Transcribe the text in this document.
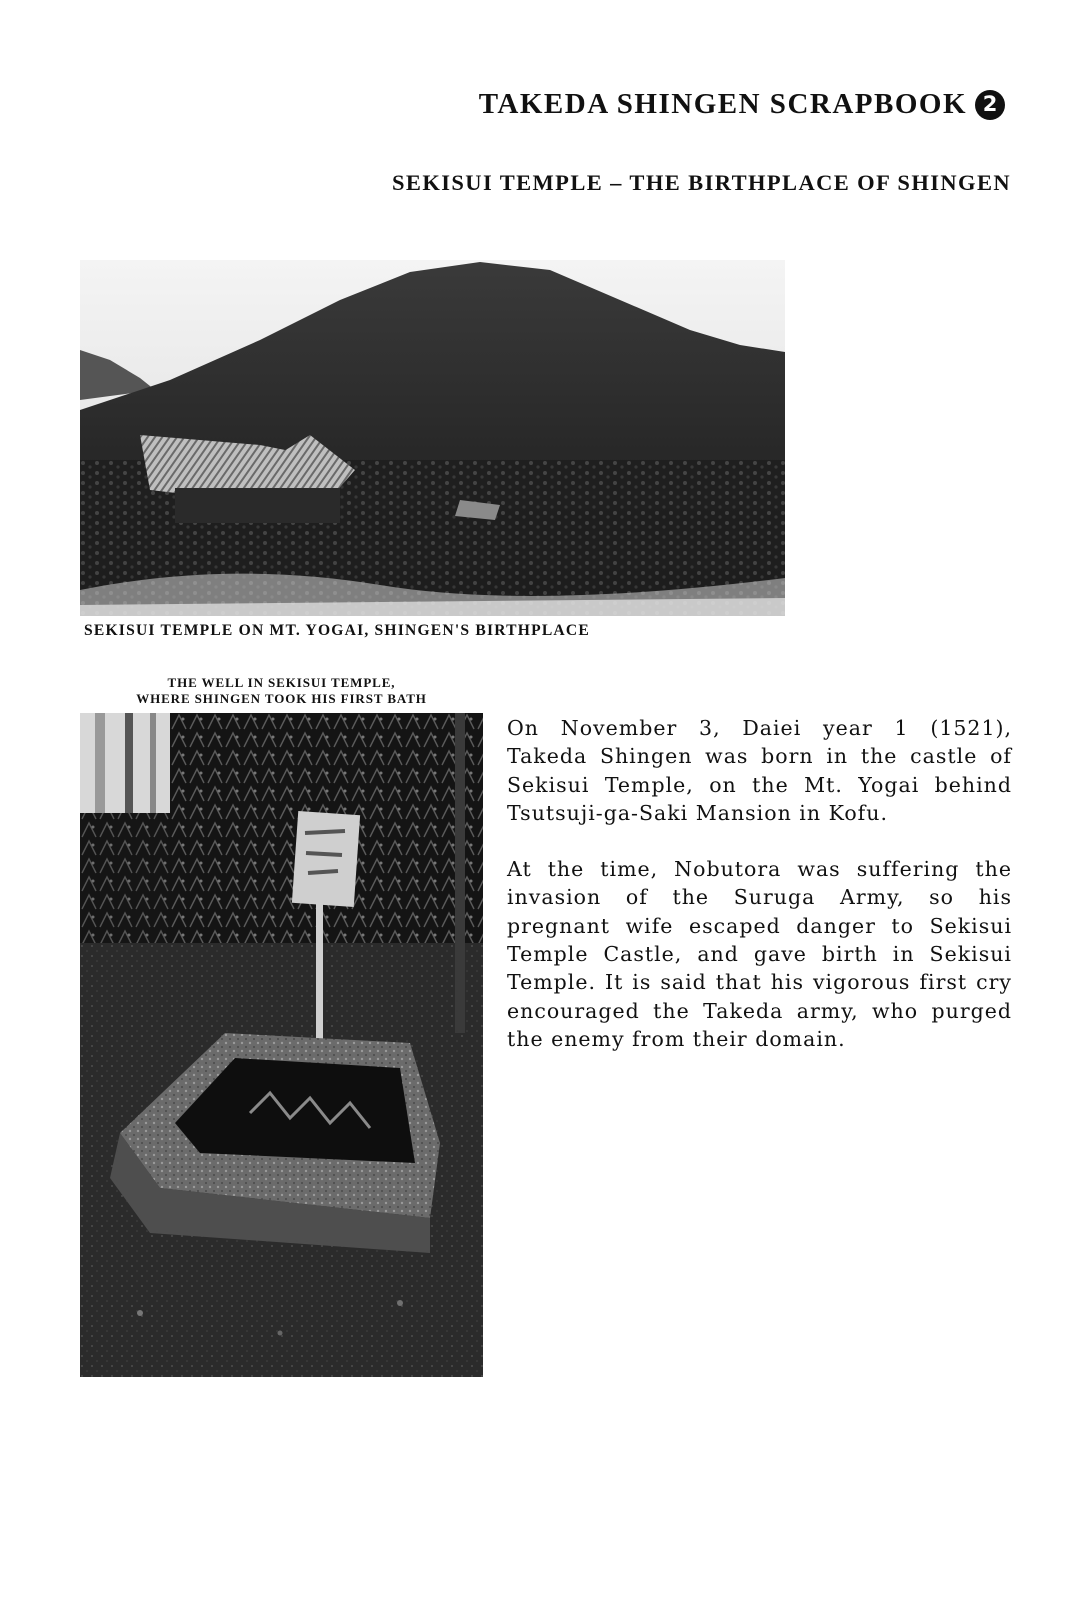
TAKEDA SHINGEN SCRAPBOOK 2
SEKISUI TEMPLE – THE BIRTHPLACE OF SHINGEN
SEKISUI TEMPLE ON MT. YOGAI, SHINGEN'S BIRTHPLACE
THE WELL IN SEKISUI TEMPLE,
WHERE SHINGEN TOOK HIS FIRST BATH

On November 3, Daiei year 1 (1521), Takeda Shingen was born in the castle of Sekisui Temple, on the Mt. Yogai behind Tsutsuji-ga-Saki Mansion in Kofu.

At the time, Nobutora was suffering the invasion of the Suruga Army, so his pregnant wife escaped danger to Sekisui Temple Castle, and gave birth in Sekisui Temple. It is said that his vigorous first cry encouraged the Takeda army, who purged the enemy from their domain.
